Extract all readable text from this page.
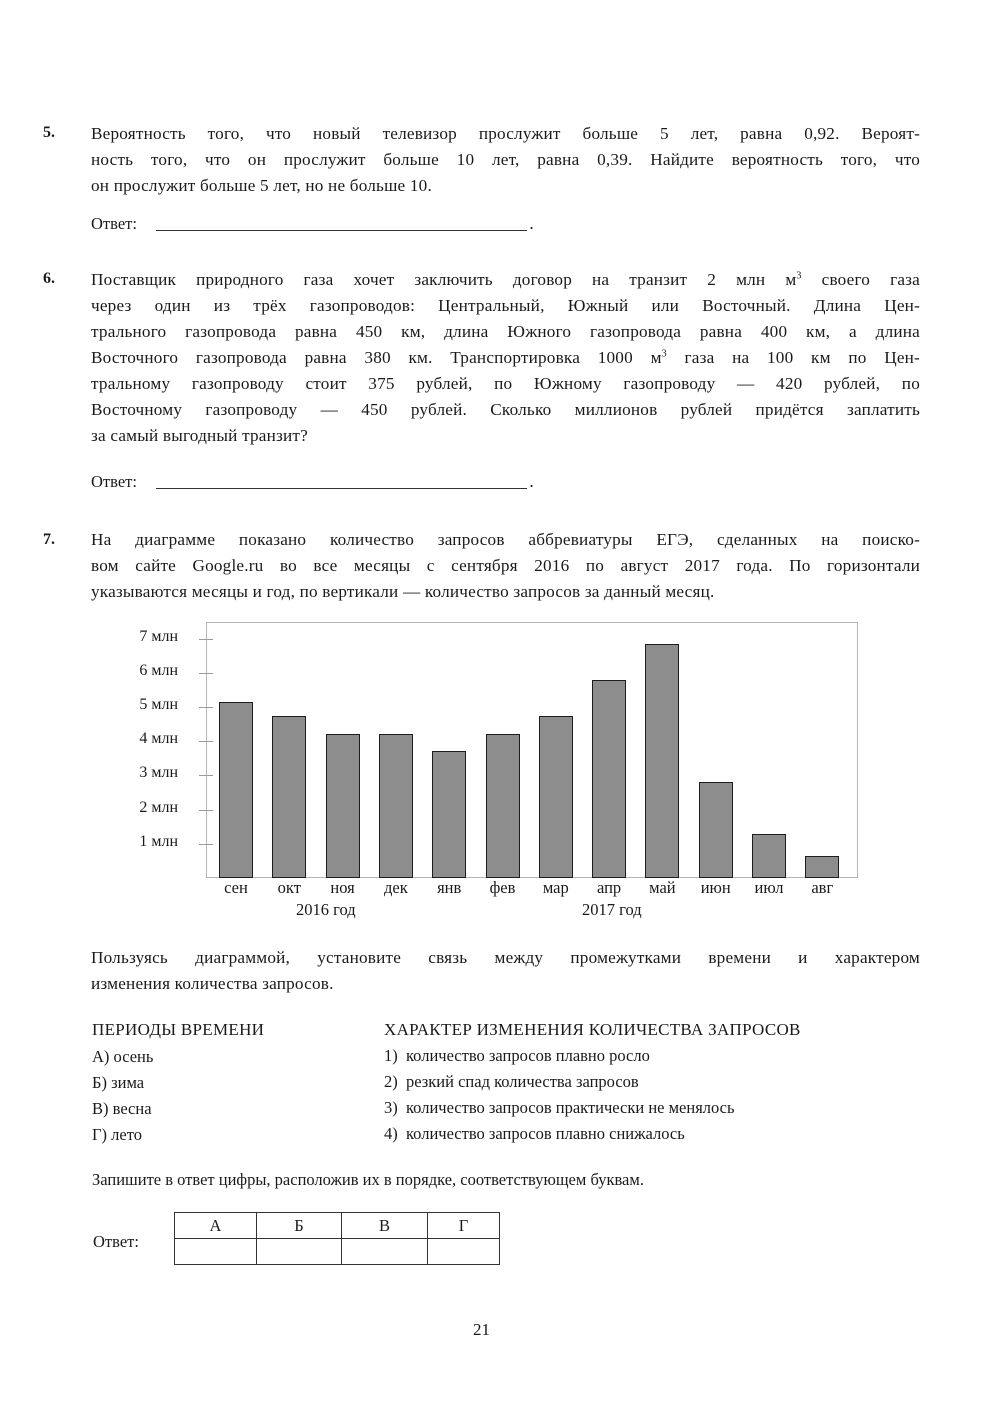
5. Вероятность того, что новый телевизор прослужит больше 5 лет, равна 0,92. Вероят-
ность того, что он прослужит больше 10 лет, равна 0,39. Найдите вероятность того, что
он прослужит больше 5 лет, но не больше 10.
Ответ:	.
6. Поставщик природного газа хочет заключить договор на транзит 2 млн $м^3$ своего газа
через один из трёх газопроводов: Центральный, Южный или Восточный. Длина Цен-
трального газопровода равна 450 км, длина Южного газопровода равна 400 км, а длина
Восточного газопровода равна 380 км. Транспортировка 1000 $м^3$ газа на 100 км по Цен-
тральному газопроводу стоит 375 рублей, по Южному газопроводу — 420 рублей, по
Восточному газопроводу — 450 рублей. Сколько миллионов рублей придётся заплатить
за самый выгодный транзит?
Ответ:	.
7. На диаграмме показано количество запросов аббревиатуры ЕГЭ, сделанных на поиско-
вом сайте Google.ru во все месяцы с сентября 2016 по август 2017 года. По горизонтали
указываются месяцы и год, по вертикали — количество запросов за данный месяц.
1 млн
2 млн
3 млн
4 млн
5 млн
6 млн
7 млн
сен	окт	ноя	дек	янв	фев	мар	апр	май	июн	июл	авг
2016 год	2017 год
Пользуясь диаграммой, установите связь между промежутками времени и характером
изменения количества запросов.
ПЕРИОДЫ ВРЕМЕНИ
А) осень
Б) зима
В) весна
Г) лето
ХАРАКТЕР ИЗМЕНЕНИЯ КОЛИЧЕСТВА ЗАПРОСОВ
1) количество запросов плавно росло
2) резкий спад количества запросов
3) количество запросов практически не менялось
4) количество запросов плавно снижалось
Запишите в ответ цифры, расположив их в порядке, соответствующем буквам.
Ответ:
А	Б	В	Г

21
